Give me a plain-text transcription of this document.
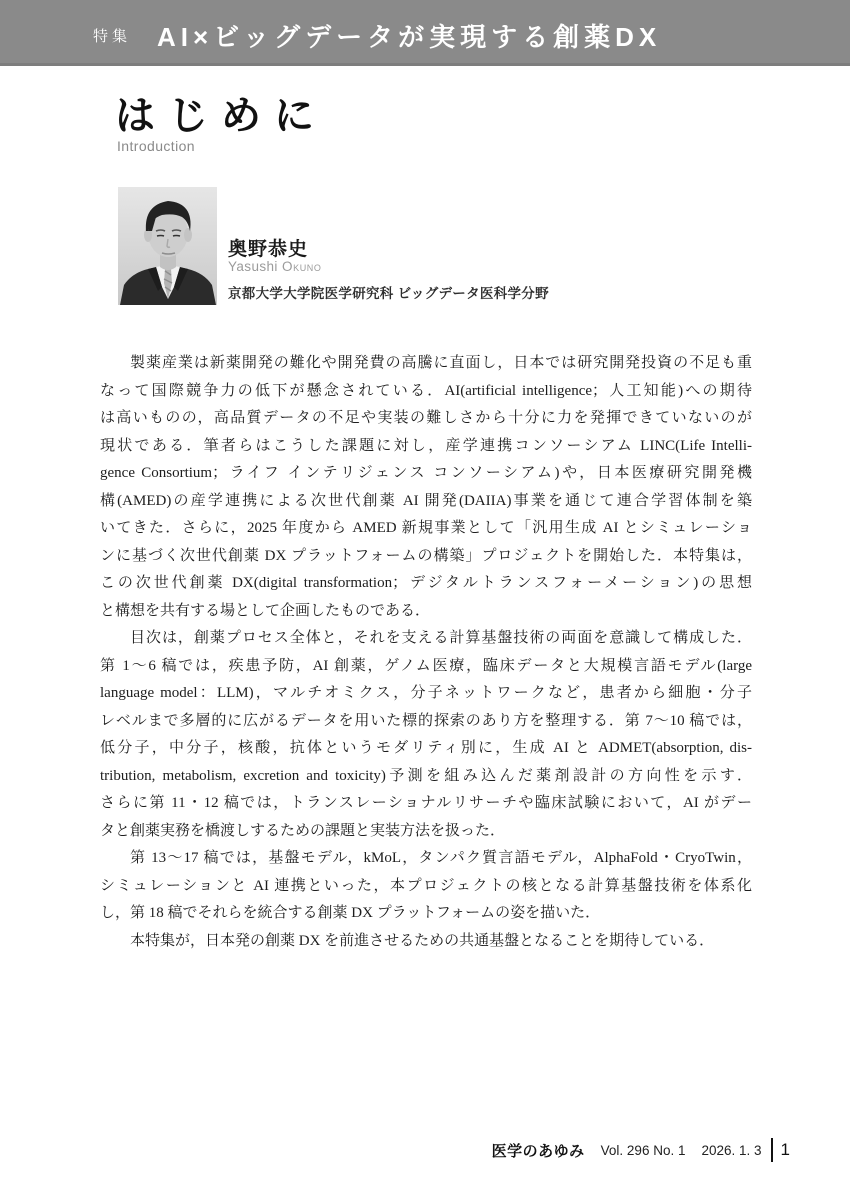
特集 AI×ビッグデータが実現する創薬DX
はじめに
Introduction
奥野恭史
Yasushi Okuno
京都大学大学院医学研究科 ビッグデータ医科学分野
製薬産業は新薬開発の難化や開発費の高騰に直面し，日本では研究開発投資の不足も重
なって国際競争力の低下が懸念されている．AI(artificial intelligence；人工知能)への期待
は高いものの，高品質データの不足や実装の難しさから十分に力を発揮できていないのが
現状である．筆者らはこうした課題に対し，産学連携コンソーシアム LINC(Life Intelli-
gence Consortium；ライフ インテリジェンス コンソーシアム)や，日本医療研究開発機
構(AMED)の産学連携による次世代創薬 AI 開発(DAIIA)事業を通じて連合学習体制を築
いてきた．さらに，2025 年度から AMED 新規事業として「汎用生成 AI とシミュレーショ
ンに基づく次世代創薬 DX プラットフォームの構築」プロジェクトを開始した．本特集は，
この次世代創薬 DX(digital transformation；デジタルトランスフォーメーション)の思想
と構想を共有する場として企画したものである．
目次は，創薬プロセス全体と，それを支える計算基盤技術の両面を意識して構成した．
第 1〜6 稿では，疾患予防，AI 創薬，ゲノム医療，臨床データと大規模言語モデル(large
language model：LLM)，マルチオミクス，分子ネットワークなど，患者から細胞・分子
レベルまで多層的に広がるデータを用いた標的探索のあり方を整理する．第 7〜10 稿では，
低分子，中分子，核酸，抗体というモダリティ別に，生成 AI と ADMET(absorption, dis-
tribution, metabolism, excretion and toxicity)予測を組み込んだ薬剤設計の方向性を示す．
さらに第 11・12 稿では，トランスレーショナルリサーチや臨床試験において，AI がデー
タと創薬実務を橋渡しするための課題と実装方法を扱った．
第 13〜17 稿では，基盤モデル，kMoL，タンパク質言語モデル，AlphaFold・CryoTwin，
シミュレーションと AI 連携といった，本プロジェクトの核となる計算基盤技術を体系化
し，第 18 稿でそれらを統合する創薬 DX プラットフォームの姿を描いた．
本特集が，日本発の創薬 DX を前進させるための共通基盤となることを期待している．
医学のあゆみ Vol. 296 No. 1 2026. 1. 3 1
